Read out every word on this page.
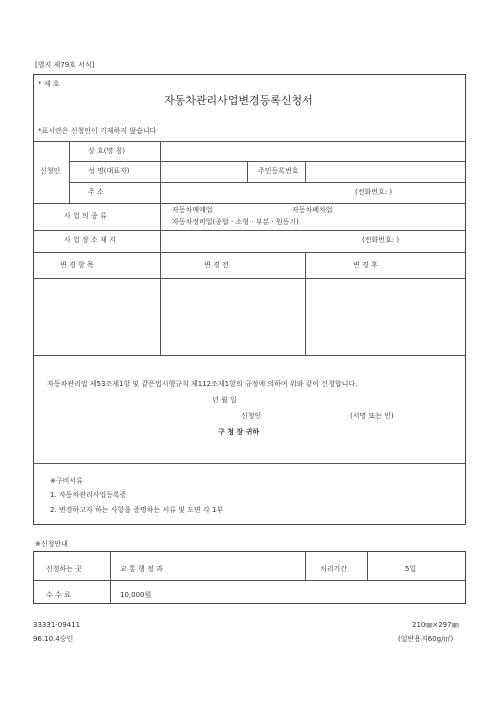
[별지 제79호 서식]
* 제 호
자동차관리사업변경등록신청서
*표시란은 신청인이 기재하지 않습니다
신청인
상 호(명 칭)
성 명(대표자)	주민등록번호
주 소	(전화번호: )
사 업 의 종 류
자동차매매업	자동차폐차업
자동차정비업(종합 · 소형 · 부분 · 원동기)
사 업 장 소 재 지	(전화번호: )
변 경 항 목	변 경 전	변 경 후
자동차관리법 제53조제1항 및 같은법시행규칙 제112조제1항의 규정에 의하여 위와 같이 신청합니다.
년 월 일
신청인	(서명 또는 인)
구 청 장 귀하
※구비서류
1. 자동차관리사업등록증
2. 변경하고자 하는 사항을 증명하는 서류 및 도면 각 1부
※신청안내
신청하는 곳	교 통 행 정 과	처리기간	5일
수 수 료	10,000원
33331-09411
96.10.4승인
210㎜×297㎜
(일반용지60g/㎡)
